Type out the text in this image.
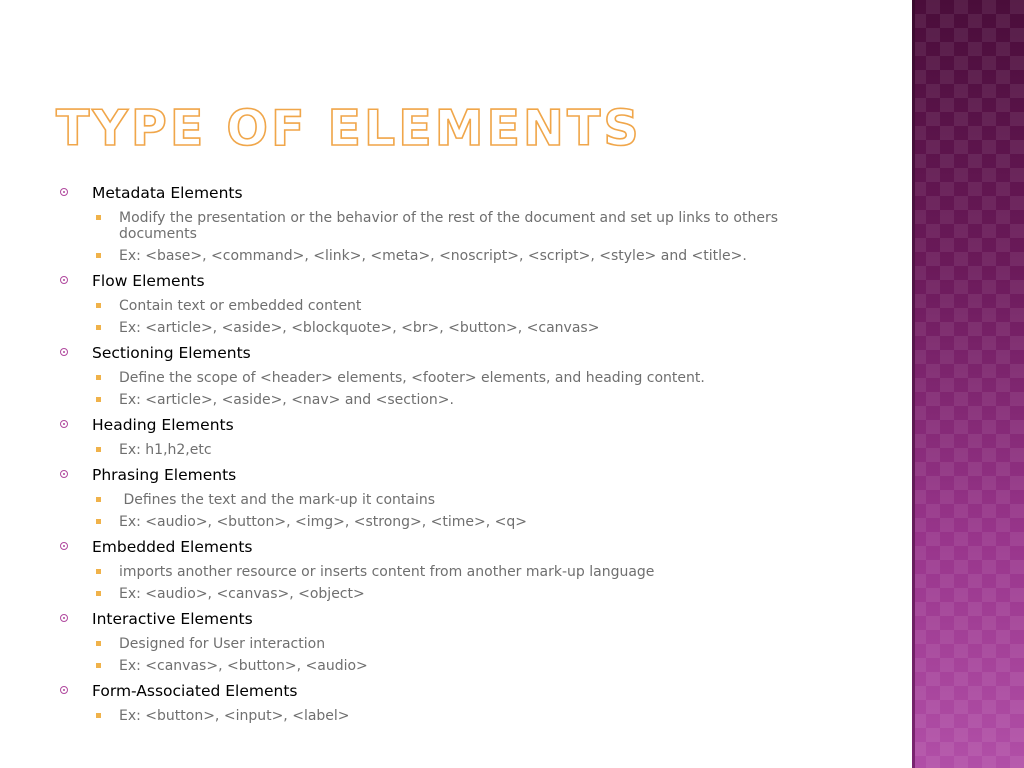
TYPE OF ELEMENTS
Metadata Elements
Modify the presentation or the behavior of the rest of the document and set up links to others documents
Ex: <base>, <command>, <link>, <meta>, <noscript>, <script>, <style> and <title>.
Flow Elements
Contain text or embedded content
Ex: <article>, <aside>, <blockquote>, <br>, <button>, <canvas>
Sectioning Elements
Define the scope of <header> elements, <footer> elements, and heading content.
Ex: <article>, <aside>, <nav> and <section>.
Heading Elements
Ex: h1,h2,etc
Phrasing Elements
Defines the text and the mark-up it contains
Ex: <audio>, <button>, <img>, <strong>, <time>, <q>
Embedded Elements
imports another resource or inserts content from another mark-up language
Ex: <audio>, <canvas>, <object>
Interactive Elements
Designed for User interaction
Ex: <canvas>, <button>, <audio>
Form-Associated Elements
Ex: <button>, <input>, <label>
